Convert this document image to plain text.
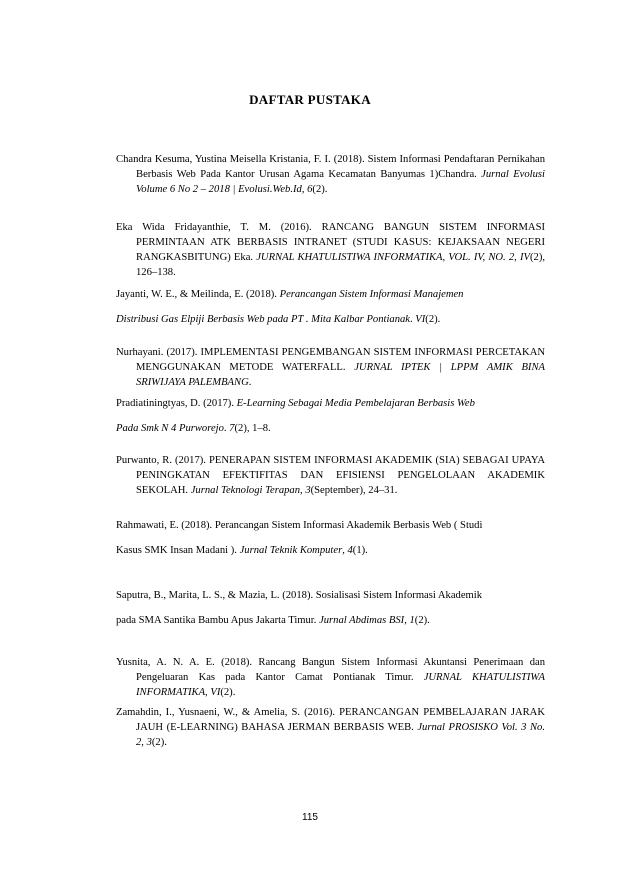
DAFTAR PUSTAKA
Chandra Kesuma, Yustina Meisella Kristania, F. I. (2018). Sistem Informasi Pendaftaran Pernikahan Berbasis Web Pada Kantor Urusan Agama Kecamatan Banyumas 1)Chandra. Jurnal Evolusi Volume 6 No 2 – 2018 | Evolusi.Web.Id, 6(2).
Eka Wida Fridayanthie, T. M. (2016). RANCANG BANGUN SISTEM INFORMASI PERMINTAAN ATK BERBASIS INTRANET (STUDI KASUS: KEJAKSAAN NEGERI RANGKASBITUNG) Eka. JURNAL KHATULISTIWA INFORMATIKA, VOL. IV, NO. 2, IV(2), 126–138.
Jayanti, W. E., & Meilinda, E. (2018). Perancangan Sistem Informasi Manajemen
Distribusi Gas Elpiji Berbasis Web pada PT . Mita Kalbar Pontianak. VI(2).
Nurhayani. (2017). IMPLEMENTASI PENGEMBANGAN SISTEM INFORMASI PERCETAKAN MENGGUNAKAN METODE WATERFALL. JURNAL IPTEK | LPPM AMIK BINA SRIWIJAYA PALEMBANG.
Pradiatiningtyas, D. (2017). E-Learning Sebagai Media Pembelajaran Berbasis Web
Pada Smk N 4 Purworejo. 7(2), 1–8.
Purwanto, R. (2017). PENERAPAN SISTEM INFORMASI AKADEMIK (SIA) SEBAGAI UPAYA PENINGKATAN EFEKTIFITAS DAN EFISIENSI PENGELOLAAN AKADEMIK SEKOLAH. Jurnal Teknologi Terapan, 3(September), 24–31.
Rahmawati, E. (2018). Perancangan Sistem Informasi Akademik Berbasis Web ( Studi
Kasus SMK Insan Madani ). Jurnal Teknik Komputer, 4(1).
Saputra, B., Marita, L. S., & Mazia, L. (2018). Sosialisasi Sistem Informasi Akademik
pada SMA Santika Bambu Apus Jakarta Timur. Jurnal Abdimas BSI, 1(2).
Yusnita, A. N. A. E. (2018). Rancang Bangun Sistem Informasi Akuntansi Penerimaan dan Pengeluaran Kas pada Kantor Camat Pontianak Timur. JURNAL KHATULISTIWA INFORMATIKA, VI(2).
Zamahdin, I., Yusnaeni, W., & Amelia, S. (2016). PERANCANGAN PEMBELAJARAN JARAK JAUH (E-LEARNING) BAHASA JERMAN BERBASIS WEB. Jurnal PROSISKO Vol. 3 No. 2, 3(2).
115
